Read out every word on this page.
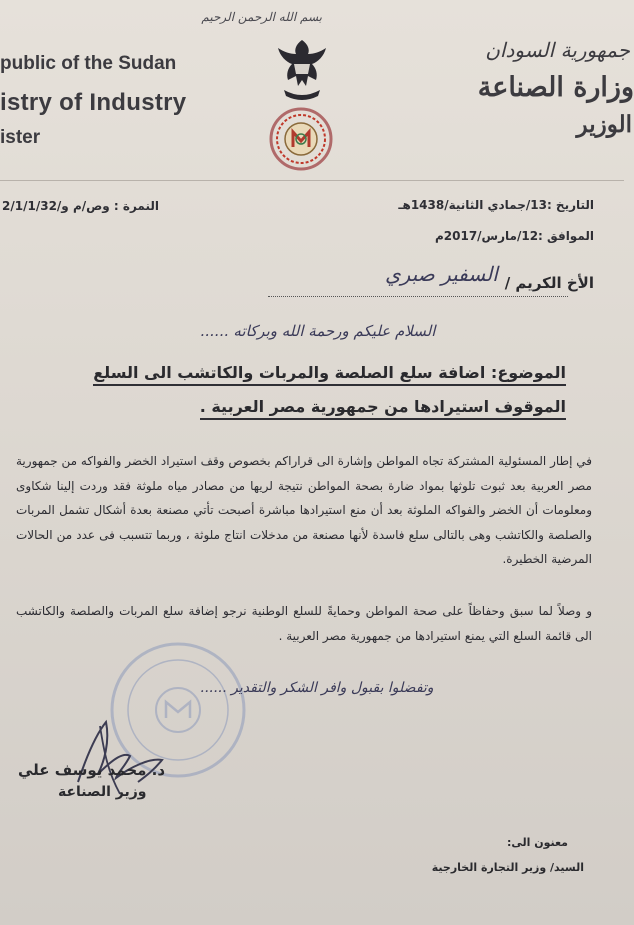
public of the Sudan
istry of Industry
ister
جمهورية السودان
وزارة الصناعة
الوزير
بسم الله الرحمن الرحيم
النمرة : وص/م و/2/1/1/32	التاريخ :13/جمادي الثانية/1438هـ
الموافق :12/مارس/2017م
الأخ الكريم /
السفير صبري
السلام عليكم ورحمة الله وبركاته ......
الموضوع: اضافة سلع الصلصة والمربات والكاتشب الى السلع الموقوف استيرادها من جمهورية مصر العربية .
في إطار المسئولية المشتركة تجاه المواطن وإشارة الى قراراكم بخصوص وقف استيراد الخضر والفواكه من جمهورية مصر العربية بعد ثبوت تلوثها بمواد ضارة بصحة المواطن نتيجة لريها من مصادر مياه ملوثة فقد وردت إلينا شكاوى ومعلومات أن الخضر والفواكه الملوثة بعد أن منع استيرادها مباشرة أصبحت تأتي مصنعة بعدة أشكال تشمل المربات والصلصة والكاتشب وهى بالتالى سلع فاسدة لأنها مصنعة من مدخلات انتاج ملوثة ، وربما تتسبب فى عدد من الحالات المرضية الخطيرة.
و وصلاً لما سبق وحفاظاً على صحة المواطن وحمايةً للسلع الوطنية نرجو إضافة سلع المربات والصلصة والكاتشب الى قائمة السلع التي يمنع استيرادها من جمهورية مصر العربية .
وتفضلوا بقبول وافر الشكر والتقدير ......
د. محمد يوسف علي
وزير الصناعة
معنون الى:
السيد/ وزير التجارة الخارجية
